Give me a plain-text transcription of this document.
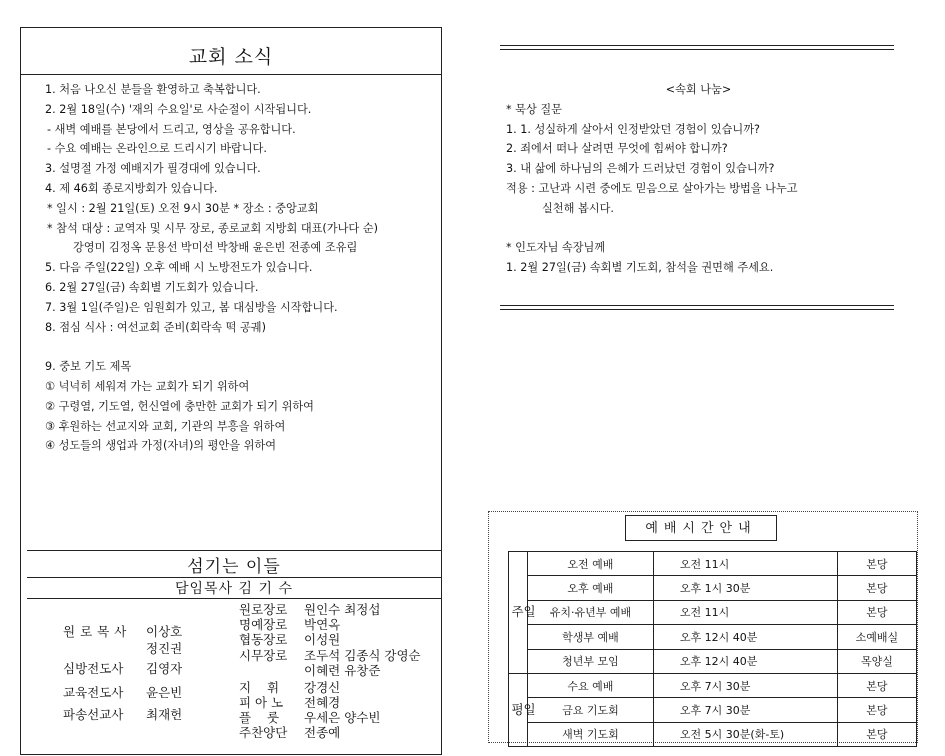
교회 소식
1. 처음 나오신 분들을 환영하고 축복합니다.
2. 2월 18일(수) '재의 수요일'로 사순절이 시작됩니다.
- 새벽 예배를 본당에서 드리고, 영상을 공유합니다.
- 수요 예배는 온라인으로 드리시기 바랍니다.
3. 설명절 가정 예배지가 필경대에 있습니다.
4. 제 46회 종로지방회가 있습니다.
* 일시 : 2월 21일(토) 오전 9시 30분 * 장소 : 중앙교회
* 참석 대상 : 교역자 및 시무 장로, 종로교회 지방회 대표(가나다 순)
강영미 김정옥 문용선 박미선 박창배 윤은빈 전종예 조유림
5. 다음 주일(22일) 오후 예배 시 노방전도가 있습니다.
6. 2월 27일(금) 속회별 기도회가 있습니다.
7. 3월 1일(주일)은 임원회가 있고, 봄 대심방을 시작합니다.
8. 점심 식사 : 여선교회 준비(회락속 떡 공궤)
9. 중보 기도 제목
① 넉넉히 세워져 가는 교회가 되기 위하여
② 구령열, 기도열, 헌신열에 충만한 교회가 되기 위하여
③ 후원하는 선교지와 교회, 기관의 부흥을 위하여
④ 성도들의 생업과 가정(자녀)의 평안을 위하여
섬기는 이들
담임목사 김 기 수
원로목사 이상호
정진권
심방전도사 김영자
교육전도사 윤은빈
파송선교사 최재헌
원로장로 원인수 최정섭
명예장로 박연옥
협동장로 이성원
시무장로 조두석 김종식 강영순
이혜련 유창준
지    휘 강경신
피 아 노 전혜경
플    룻 우세은 양수빈
주찬양단 전종예
<속회 나눔>
* 묵상 질문
1. 1. 성실하게 살아서 인정받았던 경험이 있습니까?
2. 죄에서 떠나 살려면 무엇에 힘써야 합니까?
3. 내 삶에 하나님의 은혜가 드러났던 경험이 있습니까?
적용 : 고난과 시련 중에도 믿음으로 살아가는 방법을 나누고
실천해 봅시다.
* 인도자님 속장님께
1. 2월 27일(금) 속회별 기도회, 참석을 권면해 주세요.
예배시간안내
주일	오전 예배	오전 11시	본당
	오후 예배	오후 1시 30분	본당
	유치·유년부 예배	오전 11시	본당
	학생부 예배	오후 12시 40분	소예배실
	청년부 모임	오후 12시 40분	목양실
평일	수요 예배	오후 7시 30분	본당
	금요 기도회	오후 7시 30분	본당
	새벽 기도회	오전 5시 30분(화-토)	본당
